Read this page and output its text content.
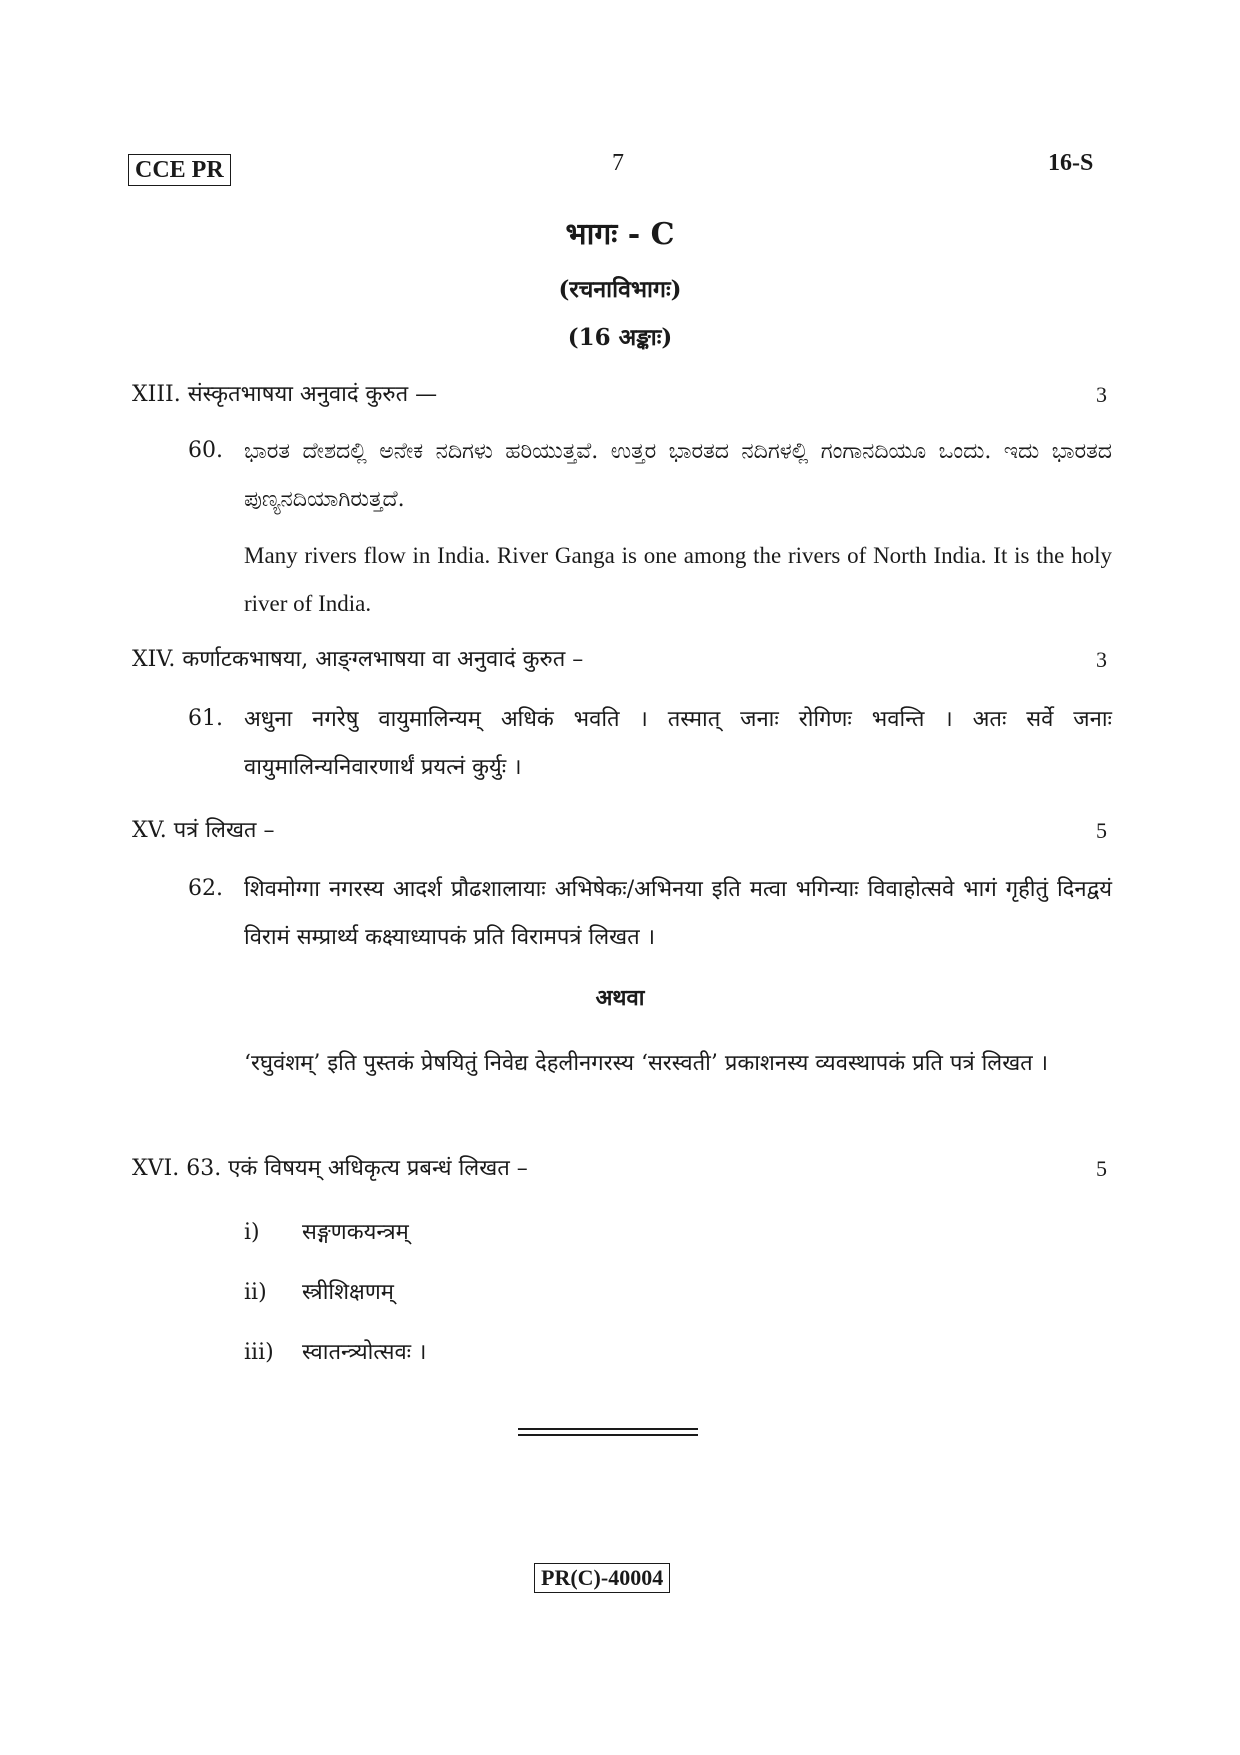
CCE PR	7	16-S
भागः - C
(रचनाविभागः)
(16 अङ्काः)
XIII. संस्कृतभाषया अनुवादं कुरुत —	3
60. ಭಾರತ ದೇಶದಲ್ಲಿ ಅನೇಕ ನದಿಗಳು ಹರಿಯುತ್ತವೆ. ಉತ್ತರ ಭಾರತದ ನದಿಗಳಲ್ಲಿ ಗಂಗಾನದಿಯೂ ಒಂದು. ಇದು ಭಾರತದ ಪುಣ್ಯನದಿಯಾಗಿರುತ್ತದೆ.
Many rivers flow in India. River Ganga is one among the rivers of North India. It is the holy river of India.
XIV. कर्णाटकभाषया, आङ्ग्लभाषया वा अनुवादं कुरुत –	3
61. अधुना नगरेषु वायुमालिन्यम् अधिकं भवति । तस्मात् जनाः रोगिणः भवन्ति । अतः सर्वे जनाः वायुमालिन्यनिवारणार्थं प्रयत्नं कुर्युः ।
XV. पत्रं लिखत –	5
62. शिवमोग्गा नगरस्य आदर्श प्रौढशालायाः अभिषेकः/अभिनया इति मत्वा भगिन्याः विवाहोत्सवे भागं गृहीतुं दिनद्वयं विरामं सम्प्रार्थ्य कक्ष्याध्यापकं प्रति विरामपत्रं लिखत ।
अथवा
‘रघुवंशम्’ इति पुस्तकं प्रेषयितुं निवेद्य देहलीनगरस्य ‘सरस्वती’ प्रकाशनस्य व्यवस्थापकं प्रति पत्रं लिखत ।
XVI. 63. एकं विषयम् अधिकृत्य प्रबन्धं लिखत –	5
i) सङ्गणकयन्त्रम्
ii) स्त्रीशिक्षणम्
iii) स्वातन्त्र्योत्सवः ।
PR(C)-40004
